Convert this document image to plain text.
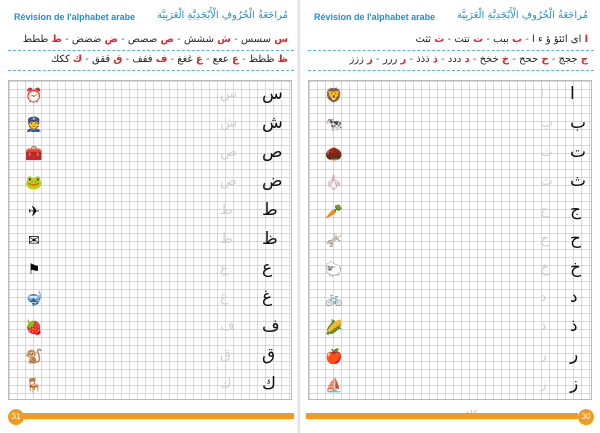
Révision de l'alphabet arabe مُراجَعَةُ الْحُرُوفِ الْأَبْجَدِيَّةِ الْعَرَبِيَّة
س سسس - ش ششش - ص صصص - ض ضضض - ط ططط
ظ ظظظ - ع ععع - غ غغغ - ف ففف - ق ققق - ك ككك
⏰	س س
👮	ش ش
🧰	ص ص
🐸	ض ض
✈	ط ط
✉	ظ ظ
⚑	ع ع
🤿	غ غ
🍓	ف ف
🐒	ق ق
🪑	ك ك
31
Révision de l'alphabet arabe مُراجَعَةُ الْحُرُوفِ الْأَبْجَدِيَّةِ الْعَرَبِيَّة
ا اى أئئؤ ؤ ء آ - ب ببب - ت تتت - ث ثثث
ج ججج - ح ححح - خ خخخ - د ددد - ذ ذذذ - ر ررر - ز ززز
🦁	ا ا
🐄	ب ب
🌰	ت ت
🧄	ث ث
🥕	ج ج
🫏	ح ح
🐑	خ خ
🚲	د د
🌽	ذ ذ
🍎	ر ر
⛵	ز ز
كتابة	30
